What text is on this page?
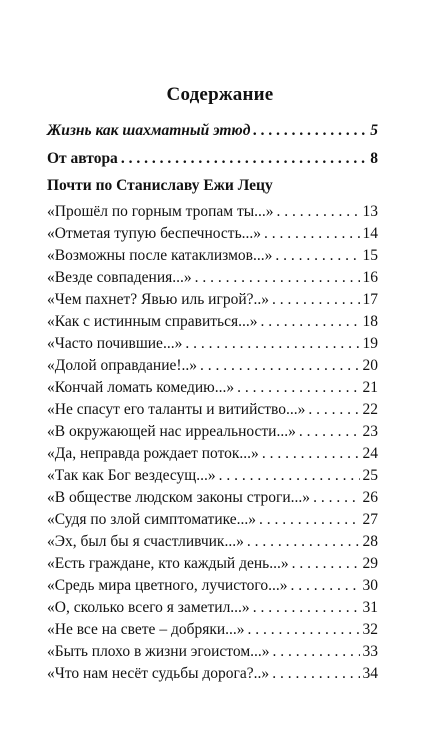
Содержание
Жизнь как шахматный этюд . . .	5
От автора . . .	8
Почти по Станиславу Ежи Лецу
«Прошёл по горным тропам ты...» . . .	13
«Отметая тупую беспечность...» . . .	14
«Возможны после катаклизмов...» . . .	15
«Везде совпадения...» . . .	16
«Чем пахнет? Явью иль игрой?..» . . .	17
«Как с истинным справиться...» . . .	18
«Часто почившие...» . . .	19
«Долой оправдание!..» . . .	20
«Кончай ломать комедию...» . . .	21
«Не спасут его таланты и витийство...» . . .	22
«В окружающей нас ирреальности...» . . .	23
«Да, неправда рождает поток...» . . .	24
«Так как Бог вездесущ...» . . .	25
«В обществе людском законы строги...» . . .	26
«Судя по злой симптоматике...» . . .	27
«Эх, был бы я счастливчик...» . . .	28
«Есть граждане, кто каждый день...» . . .	29
«Средь мира цветного, лучистого...» . . .	30
«О, сколько всего я заметил...» . . .	31
«Не все на свете – добряки...» . . .	32
«Быть плохо в жизни эгоистом...» . . .	33
«Что нам несёт судьбы дорога?..» . . .	34
